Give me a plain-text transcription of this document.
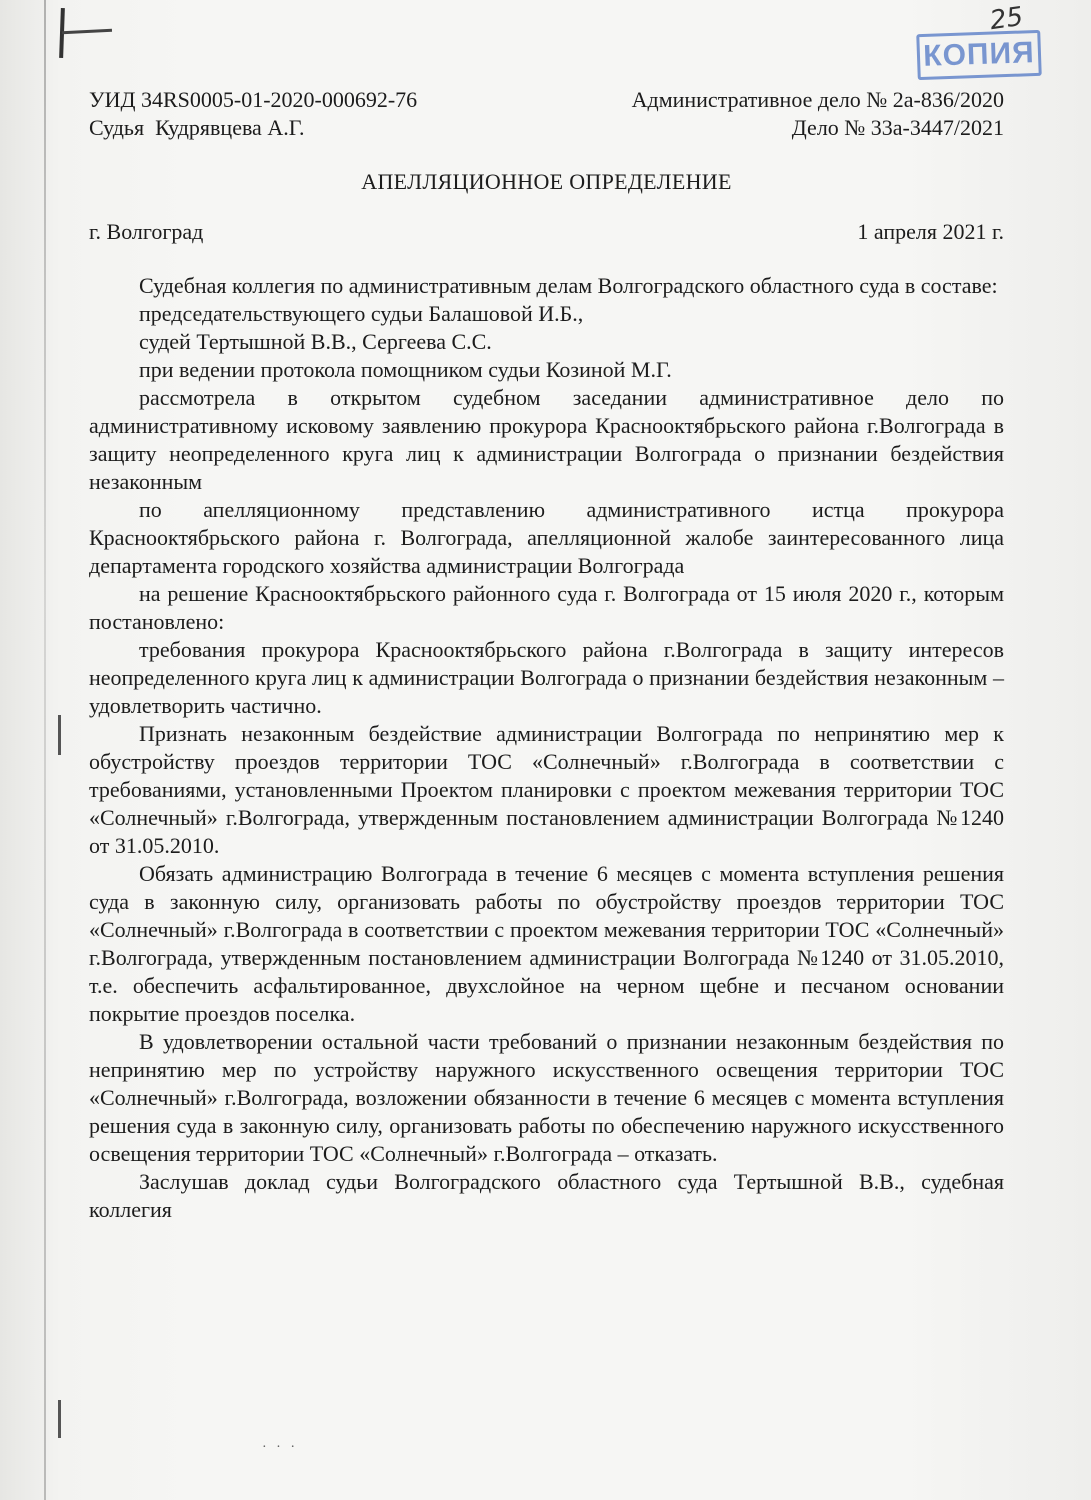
25
КОПИЯ
УИД 34RS0005-01-2020-000692-76	Административное дело № 2а-836/2020
Судья  Кудрявцева А.Г.	Дело № 33а-3447/2021
АПЕЛЛЯЦИОННОЕ ОПРЕДЕЛЕНИЕ
г. Волгоград	1 апреля 2021 г.

Судебная коллегия по административным делам Волгоградского областного суда в составе:

председательствующего судьи Балашовой И.Б.,

судей Тертышной В.В., Сергеева С.С.

при ведении протокола помощником судьи Козиной М.Г.

рассмотрела в открытом судебном заседании административное дело по административному исковому заявлению прокурора Краснооктябрьского района г.Волгограда в защиту неопределенного круга лиц к администрации Волгограда о признании бездействия незаконным

по апелляционному представлению административного истца прокурора Краснооктябрьского района г. Волгограда, апелляционной жалобе заинтересованного лица департамента городского хозяйства администрации Волгограда

на решение Краснооктябрьского районного суда г. Волгограда от 15 июля 2020 г., которым постановлено:

требования прокурора Краснооктябрьского района г.Волгограда в защиту интересов неопределенного круга лиц к администрации Волгограда о признании бездействия незаконным – удовлетворить частично.

Признать незаконным бездействие администрации Волгограда по непринятию мер к обустройству проездов территории ТОС «Солнечный» г.Волгограда в соответствии с требованиями, установленными Проектом планировки с проектом межевания территории ТОС «Солнечный» г.Волгограда, утвержденным постановлением администрации Волгограда №1240 от 31.05.2010.

Обязать администрацию Волгограда в течение 6 месяцев с момента вступления решения суда в законную силу, организовать работы по обустройству проездов территории ТОС «Солнечный» г.Волгограда в соответствии с проектом межевания территории ТОС «Солнечный» г.Волгограда, утвержденным постановлением администрации Волгограда №1240 от 31.05.2010, т.е. обеспечить асфальтированное, двухслойное на черном щебне и песчаном основании покрытие проездов поселка.

В удовлетворении остальной части требований о признании незаконным бездействия по непринятию мер по устройству наружного искусственного освещения территории ТОС «Солнечный» г.Волгограда, возложении обязанности в течение 6 месяцев с момента вступления решения суда в законную силу, организовать работы по обеспечению наружного искусственного освещения территории ТОС «Солнечный» г.Волгограда – отказать.

Заслушав доклад судьи Волгоградского областного суда Тертышной В.В., судебная коллегия

· · ·
